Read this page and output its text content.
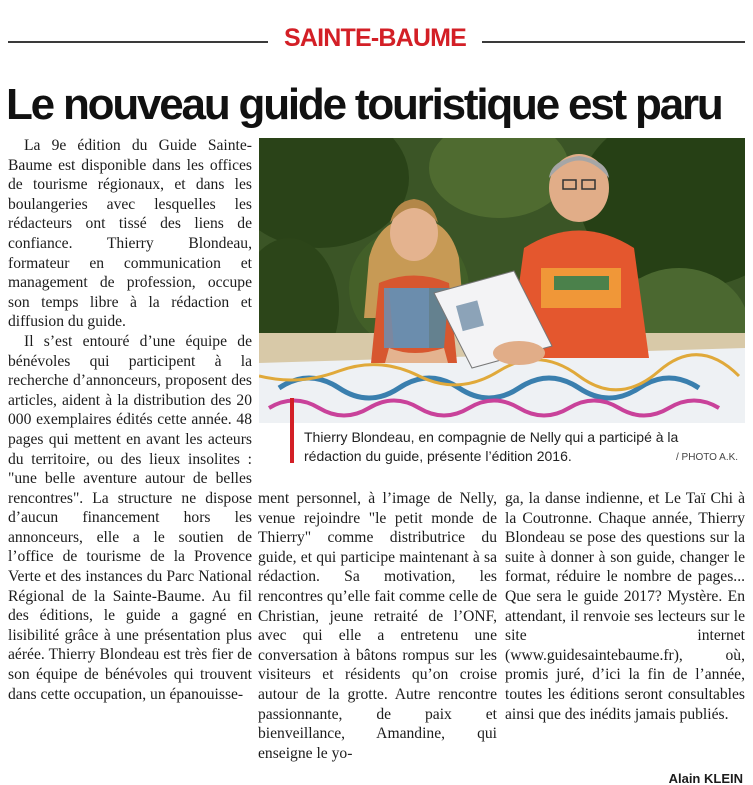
SAINTE-BAUME
Le nouveau guide touristique est paru

La 9e édition du Guide Sainte-Baume est disponible dans les offices de tourisme régionaux, et dans les boulangeries avec lesquelles les rédacteurs ont tissé des liens de confiance. Thierry Blondeau, formateur en communication et management de profession, occupe son temps libre à la rédaction et diffusion du guide.

Il s’est entouré d’une équipe de bénévoles qui participent à la recherche d’annonceurs, proposent des articles, aident à la distribution des 20 000 exemplaires édités cette année. 48 pages qui mettent en avant les acteurs du territoire, ou des lieux insolites : "une belle aventure autour de belles rencontres". La structure ne dispose d’aucun financement hors les annonceurs, elle a le soutien de l’office de tourisme de la Provence Verte et des instances du Parc National Régional de la Sainte-Baume. Au fil des éditions, le guide a gagné en lisibilité grâce à une présentation plus aérée. Thierry Blondeau est très fier de son équipe de bénévoles qui trouvent dans cette occupation, un épanouisse-

Thierry Blondeau, en compagnie de Nelly qui a participé à la
rédaction du guide, présente l’édition 2016.	/ PHOTO A.K.

ment personnel, à l’image de Nelly, venue rejoindre "le petit monde de Thierry" comme distributrice du guide, et qui participe maintenant à sa rédaction. Sa motivation, les rencontres qu’elle fait comme celle de Christian, jeune retraité de l’ONF, avec qui elle a entretenu une conversation à bâtons rompus sur les visiteurs et résidents qu’on croise autour de la grotte. Autre rencontre passionnante, de paix et bienveillance, Amandine, qui enseigne le yo-

ga, la danse indienne, et Le Taï Chi à la Coutronne. Chaque année, Thierry Blondeau se pose des questions sur la suite à donner à son guide, changer le format, réduire le nombre de pages... Que sera le guide 2017? Mystère. En attendant, il renvoie ses lecteurs sur le site internet (www.guidesaintebaume.fr), où, promis juré, d’ici la fin de l’année, toutes les éditions seront consultables ainsi que des inédits jamais publiés.

Alain KLEIN
